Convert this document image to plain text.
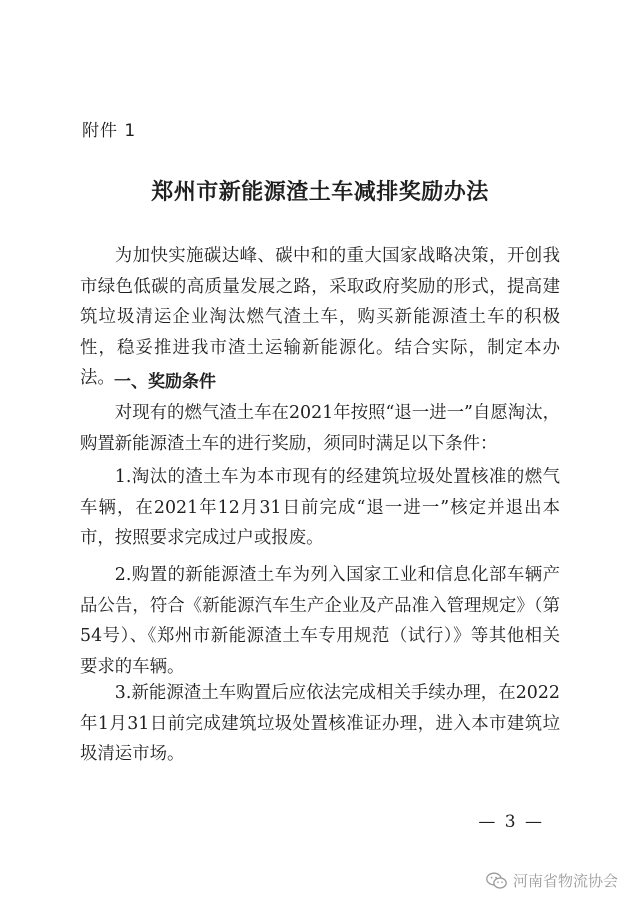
附件 1
郑州市新能源渣土车减排奖励办法

为加快实施碳达峰、碳中和的重大国家战略决策，开创我市绿色低碳的高质量发展之路，采取政府奖励的形式，提高建筑垃圾清运企业淘汰燃气渣土车，购买新能源渣土车的积极性，稳妥推进我市渣土运输新能源化。结合实际，制定本办法。 一、奖励条件

对现有的燃气渣土车在2021年按照“退一进一”自愿淘汰，购置新能源渣土车的进行奖励，须同时满足以下条件：

1.淘汰的渣土车为本市现有的经建筑垃圾处置核准的燃气车辆，在2021年12月31日前完成“退一进一”核定并退出本市，按照要求完成过户或报废。

2.购置的新能源渣土车为列入国家工业和信息化部车辆产品公告，符合《新能源汽车生产企业及产品准入管理规定》（第54号）、《郑州市新能源渣土车专用规范（试行）》等其他相关要求的车辆。

3.新能源渣土车购置后应依法完成相关手续办理，在2022年1月31日前完成建筑垃圾处置核准证办理，进入本市建筑垃圾清运市场。

— 3 —
河南省物流协会
